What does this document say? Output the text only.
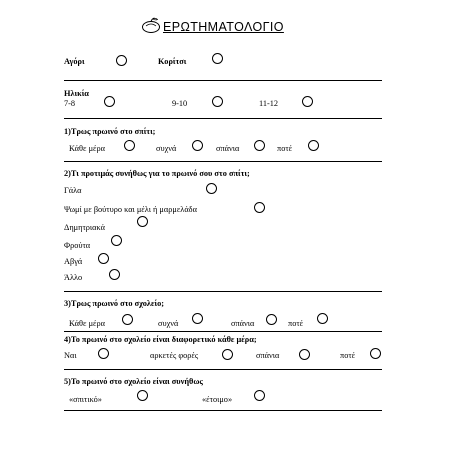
ΕΡΩΤΗΜΑΤΟΛΟΓΙΟ
Αγόρι	Κορίτσι
Ηλικία
7-8	9-10	11-12
1)Τρως πρωινό στο σπίτι;
Κάθε μέρα	συχνά	σπάνια	ποτέ
2)Τι προτιμάς συνήθως για το πρωινό σου στο σπίτι;
Γάλα
Ψωμί με βούτυρο και μέλι ή μαρμελάδα
Δημητριακά
Φρούτα
Αβγά
Άλλο
3)Τρως πρωινό στο σχολείο;
Κάθε μέρα	συχνά	σπάνια	ποτέ
4)Το πρωινό στο σχολείο είναι διαφορετικό κάθε μέρα;
Ναι	αρκετές φορές	σπάνια	ποτέ
5)Το πρωινό στο σχολείο είναι συνήθως
«σπιτικό»	«έτοιμο»
